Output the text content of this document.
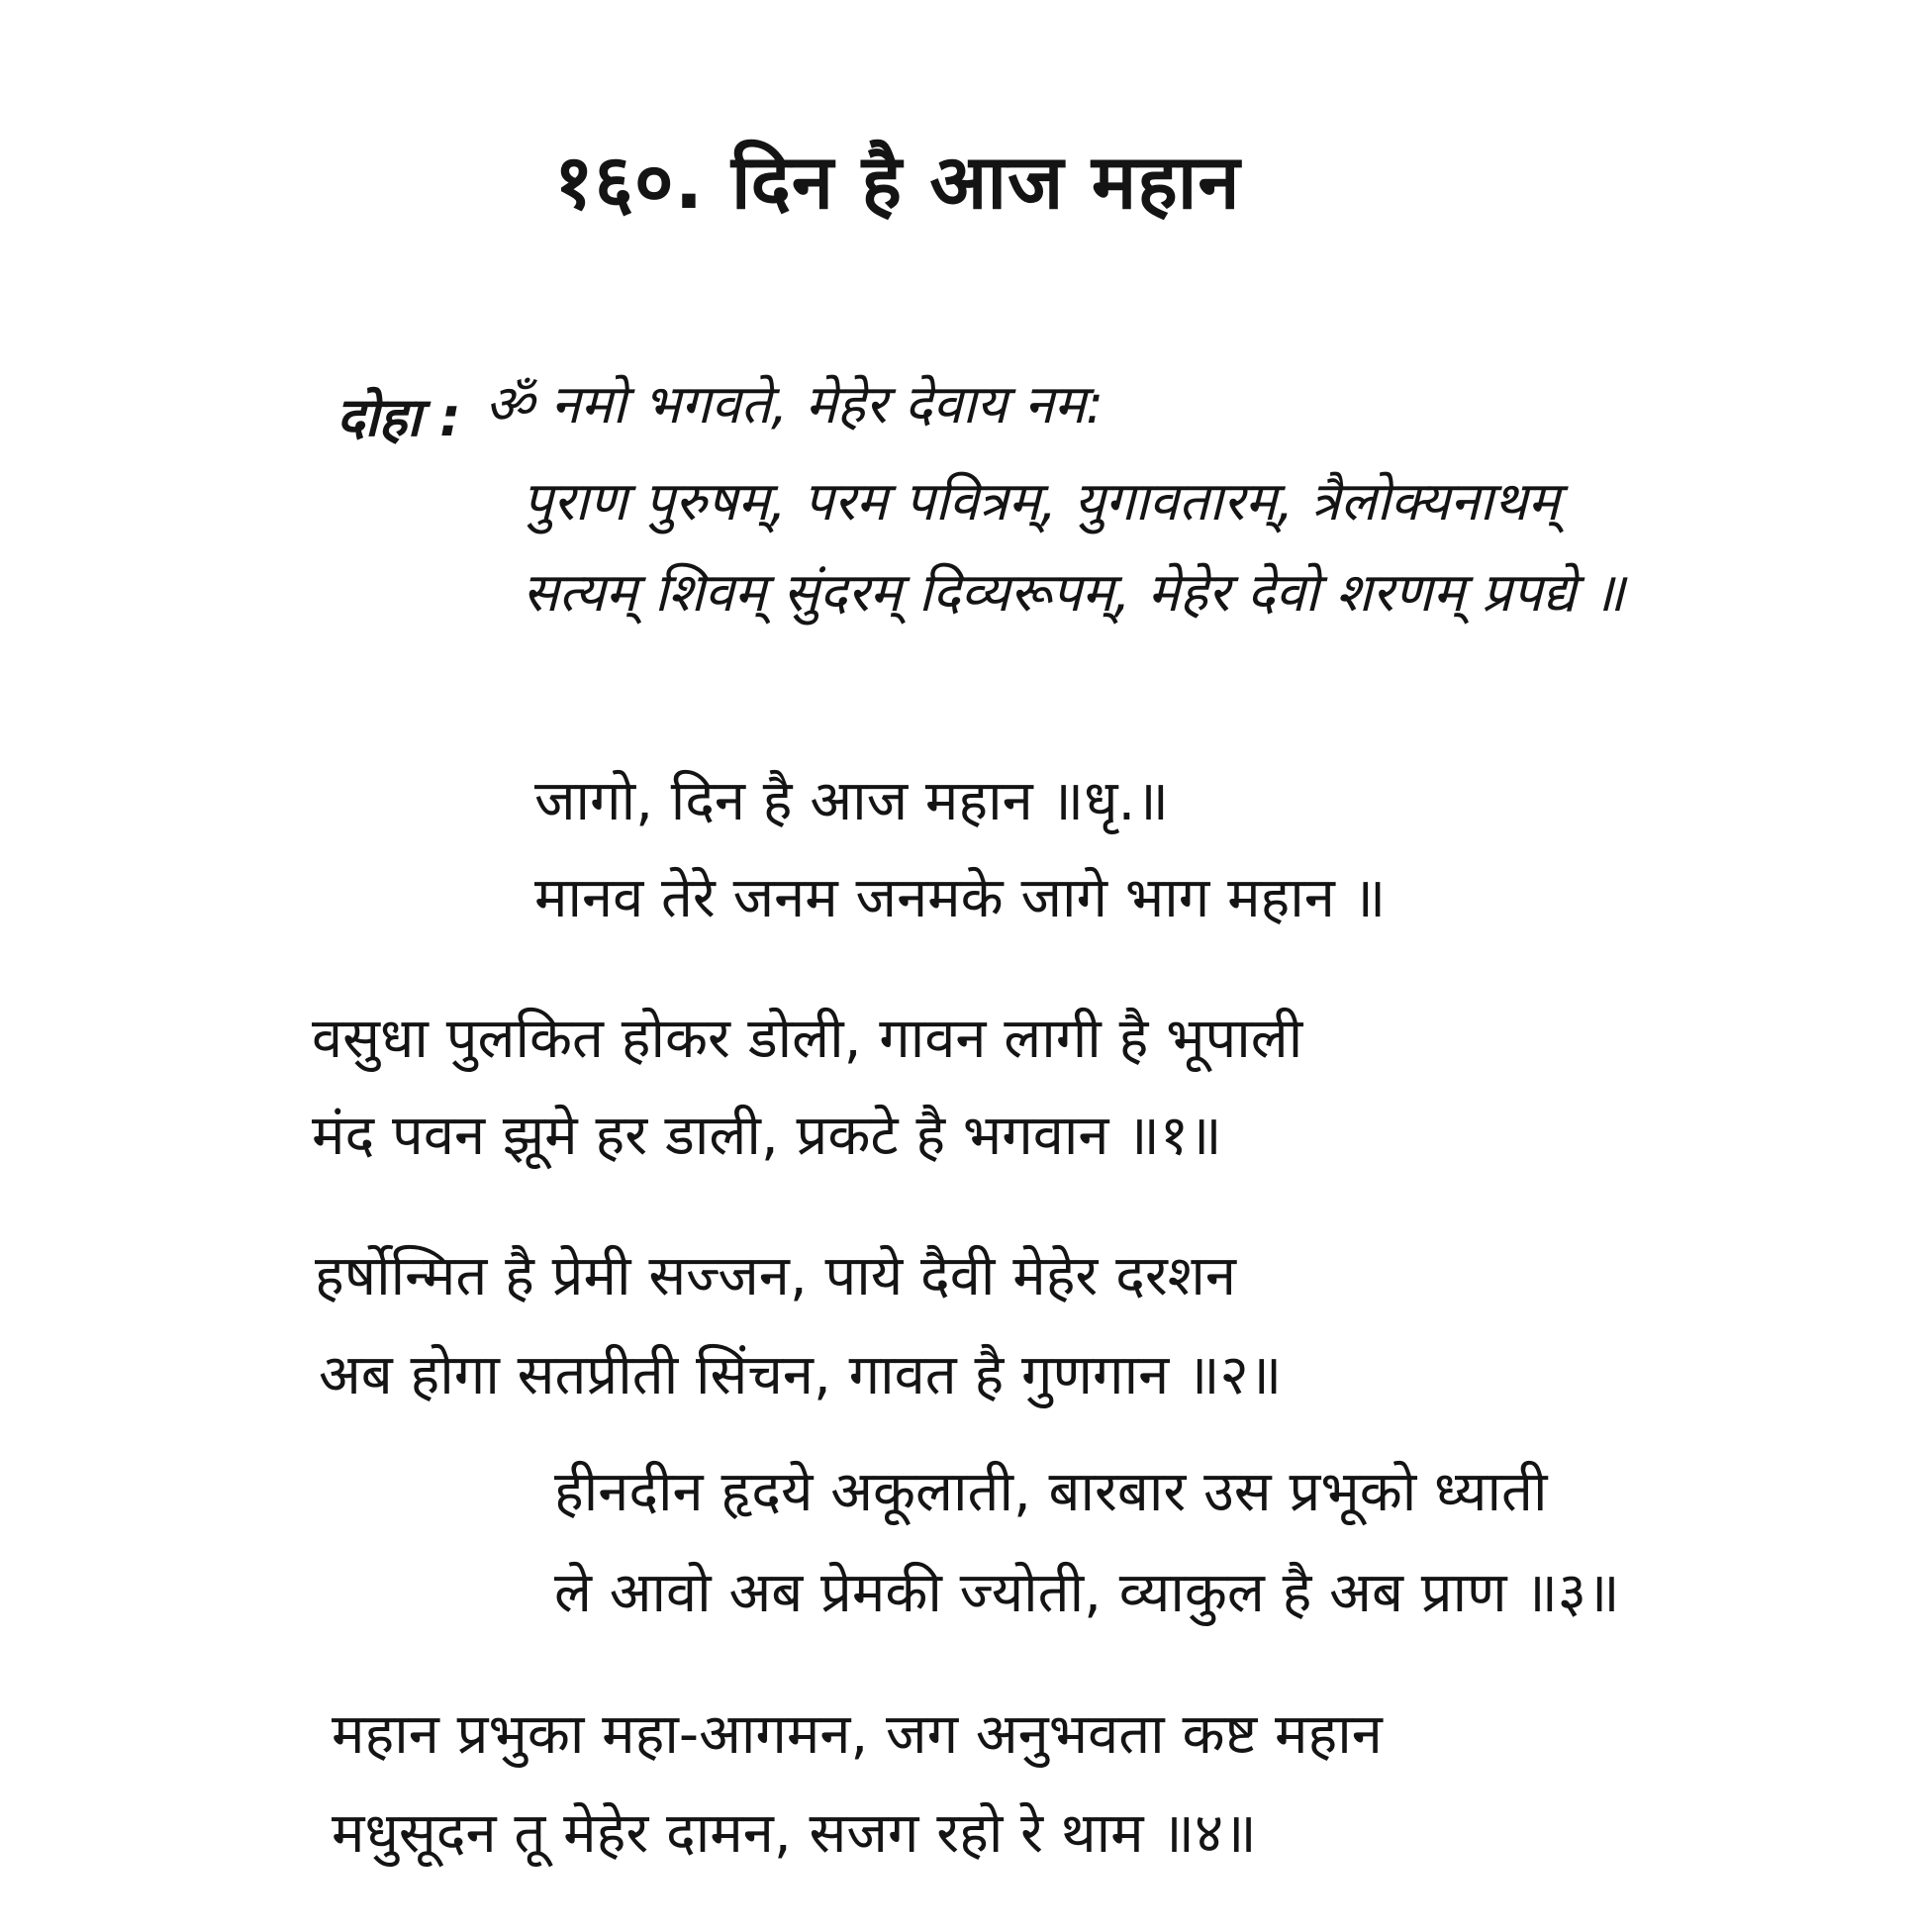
१६०. दिन है आज महान
दोहा : ॐ नमो भगवते, मेहेर देवाय नम:
पुराण पुरुषम्, परम पवित्रम्, युगावतारम्, त्रैलोक्यनाथम्
सत्यम् शिवम् सुंदरम् दिव्यरूपम्, मेहेर देवो शरणम् प्रपद्ये ॥
जागो, दिन है आज महान ॥धृ.॥
मानव तेरे जनम जनमके जागे भाग महान ॥
वसुधा पुलकित होकर डोली, गावन लागी है भूपाली
मंद पवन झूमे हर डाली, प्रकटे है भगवान ॥१॥
हर्षोन्मित है प्रेमी सज्जन, पाये दैवी मेहेर दरशन
अब होगा सतप्रीती सिंचन, गावत है गुणगान ॥२॥
हीनदीन हृदये अकूलाती, बारबार उस प्रभूको ध्याती
ले आवो अब प्रेमकी ज्योती, व्याकुल है अब प्राण ॥३॥
महान प्रभुका महा-आगमन, जग अनुभवता कष्ट महान
मधुसूदन तू मेहेर दामन, सजग रहो रे थाम ॥४॥
